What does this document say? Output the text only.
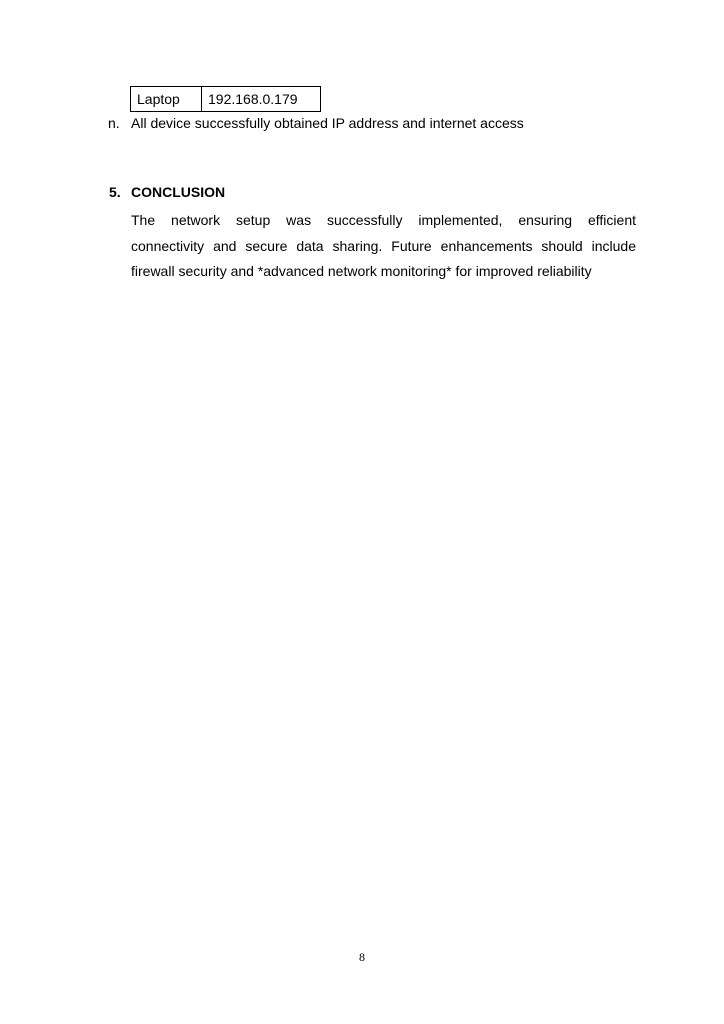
Laptop	192.168.0.179
n. All device successfully obtained IP address and internet access
5. CONCLUSION
The network setup was successfully implemented, ensuring efficient
connectivity and secure data sharing. Future enhancements should include
firewall security and *advanced network monitoring* for improved reliability
8
